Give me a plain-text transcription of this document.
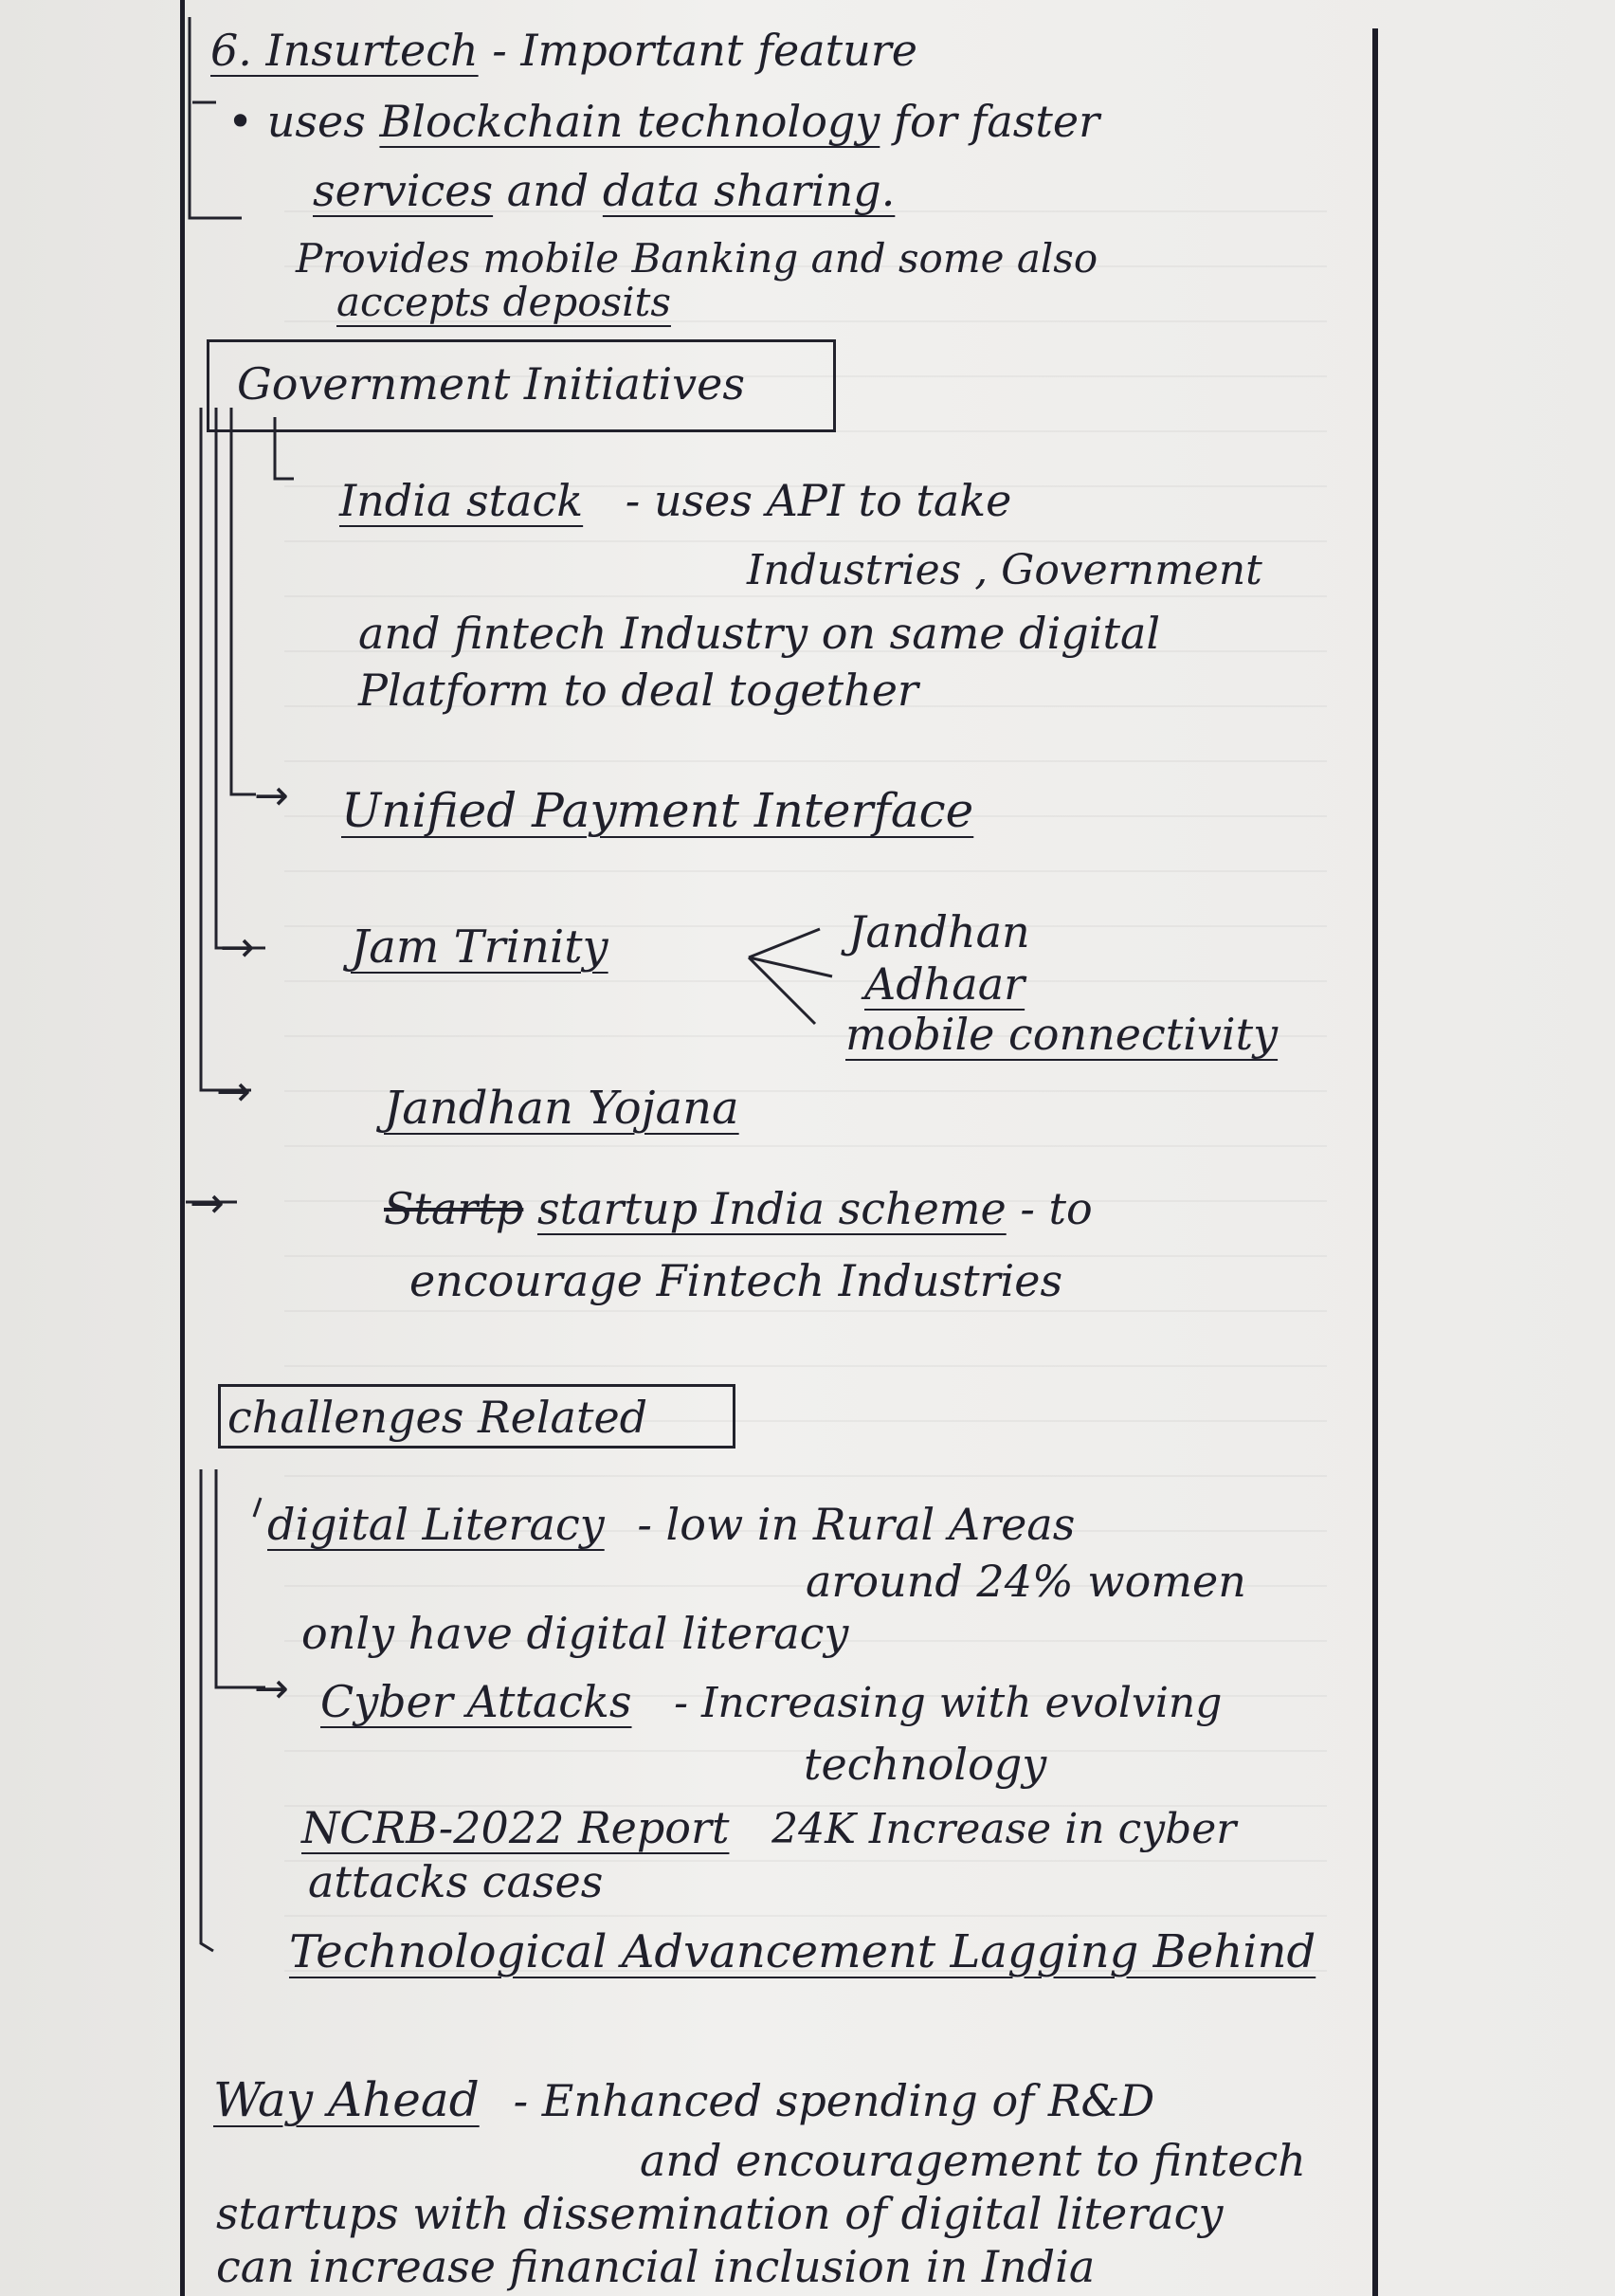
6. Insurtech - Important feature
• uses Blockchain technology for faster
services and data sharing.
Provides mobile Banking and some also
accepts deposits
Government Initiatives
India stack - uses API to take
Industries , Government
and fintech Industry on same digital
Platform to deal together
→ Unified Payment Interface
→ Jam Trinity	Jandhan
Adhaar
mobile connectivity
→	Jandhan Yojana
→	Startp startup India scheme - to
encourage Fintech Industries
challenges Related
digital Literacy - low in Rural Areas
around 24% women
only have digital literacy
→ Cyber Attacks - Increasing with evolving
technology
NCRB-2022 Report 24K Increase in cyber
attacks cases
Technological Advancement Lagging Behind
Way Ahead - Enhanced spending of R&D
and encouragement to fintech
startups with dissemination of digital literacy
can increase financial inclusion in India
